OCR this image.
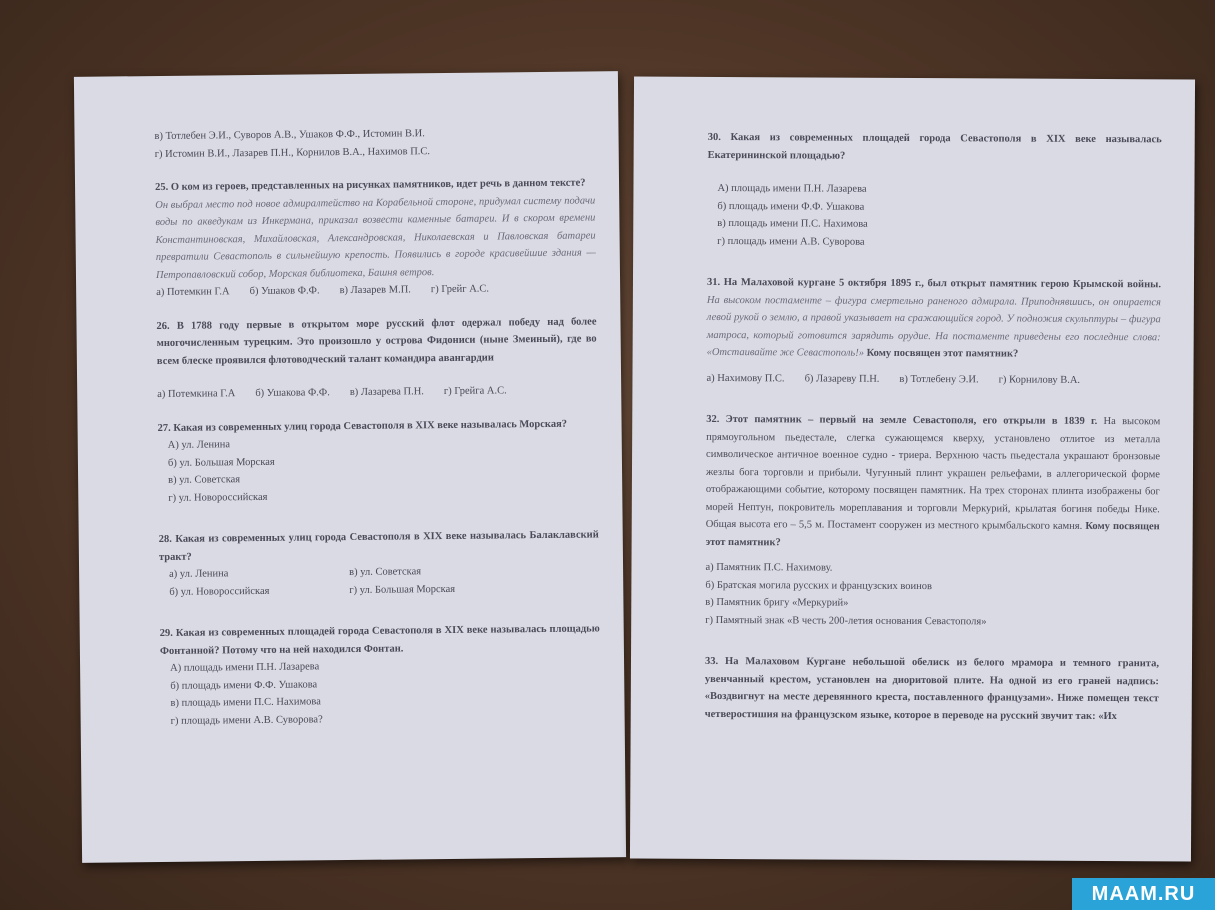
в) Тотлебен Э.И., Суворов А.В., Ушаков Ф.Ф., Истомин В.И.

г) Истомин В.И., Лазарев П.Н., Корнилов В.А., Нахимов П.С.

25. О ком из героев, представленных на рисунках памятников, идет речь в данном тексте?

Он выбрал место под новое адмиралтейство на Корабельной стороне, придумал систему подачи воды по акведукам из Инкермана, приказал возвести каменные батареи. И в скором времени Константиновская, Михайловская, Александровская, Николаевская и Павловская батареи превратили Севастополь в сильнейшую крепость. Появились в городе красивейшие здания — Петропавловский собор, Морская библиотека, Башня ветров.

а) Потемкин Г.А б) Ушаков Ф.Ф. в) Лазарев М.П. г) Грейг А.С.

26. В 1788 году первые в открытом море русский флот одержал победу над более многочисленным турецким. Это произошло у острова Фидониси (ныне Змеиный), где во всем блеске проявился флотоводческий талант командира авангардии

а) Потемкина Г.А б) Ушакова Ф.Ф. в) Лазарева П.Н. г) Грейга А.С.

27. Какая из современных улиц города Севастополя в XIX веке называлась Морская?

А) ул. Ленина

б) ул. Большая Морская

в) ул. Советская

г) ул. Новороссийская

28. Какая из современных улиц города Севастополя в XIX веке называлась Балаклавский тракт?

а) ул. Ленина	в) ул. Советская
б) ул. Новороссийская	г) ул. Большая Морская

29. Какая из современных площадей города Севастополя в XIX веке называлась площадью Фонтанной? Потому что на ней находился Фонтан.

А) площадь имени П.Н. Лазарева

б) площадь имени Ф.Ф. Ушакова

в) площадь имени П.С. Нахимова

г) площадь имени А.В. Суворова?

30. Какая из современных площадей города Севастополя в XIX веке называлась Екатерининской площадью?

А) площадь имени П.Н. Лазарева

б) площадь имени Ф.Ф. Ушакова

в) площадь имени П.С. Нахимова

г) площадь имени А.В. Суворова

31. На Малаховой кургане 5 октября 1895 г., был открыт памятник герою Крымской войны. На высоком постаменте – фигура смертельно раненого адмирала. Приподнявшись, он опирается левой рукой о землю, а правой указывает на сражающийся город. У подножия скульптуры – фигура матроса, который готовится зарядить орудие. На постаменте приведены его последние слова: «Отстаивайте же Севастополь!» Кому посвящен этот памятник?

а) Нахимову П.С. б) Лазареву П.Н. в) Тотлебену Э.И. г) Корнилову В.А.

32. Этот памятник – первый на земле Севастополя, его открыли в 1839 г. На высоком прямоугольном пьедестале, слегка сужающемся кверху, установлено отлитое из металла символическое античное военное судно - триера. Верхнюю часть пьедестала украшают бронзовые жезлы бога торговли и прибыли. Чугунный плинт украшен рельефами, в аллегорической форме отображающими событие, которому посвящен памятник. На трех сторонах плинта изображены бог морей Нептун, покровитель мореплавания и торговли Меркурий, крылатая богиня победы Нике. Общая высота его – 5,5 м. Постамент сооружен из местного крымбальского камня. Кому посвящен этот памятник?

а) Памятник П.С. Нахимову.

б) Братская могила русских и французских воинов

в) Памятник бригу «Меркурий»

г) Памятный знак «В честь 200-летия основания Севастополя»

33. На Малаховом Кургане небольшой обелиск из белого мрамора и темного гранита, увенчанный крестом, установлен на диоритовой плите. На одной из его граней надпись: «Воздвигнут на месте деревянного креста, поставленного французами». Ниже помещен текст четверостишия на французском языке, которое в переводе на русский звучит так: «Их

MAAM.RU
